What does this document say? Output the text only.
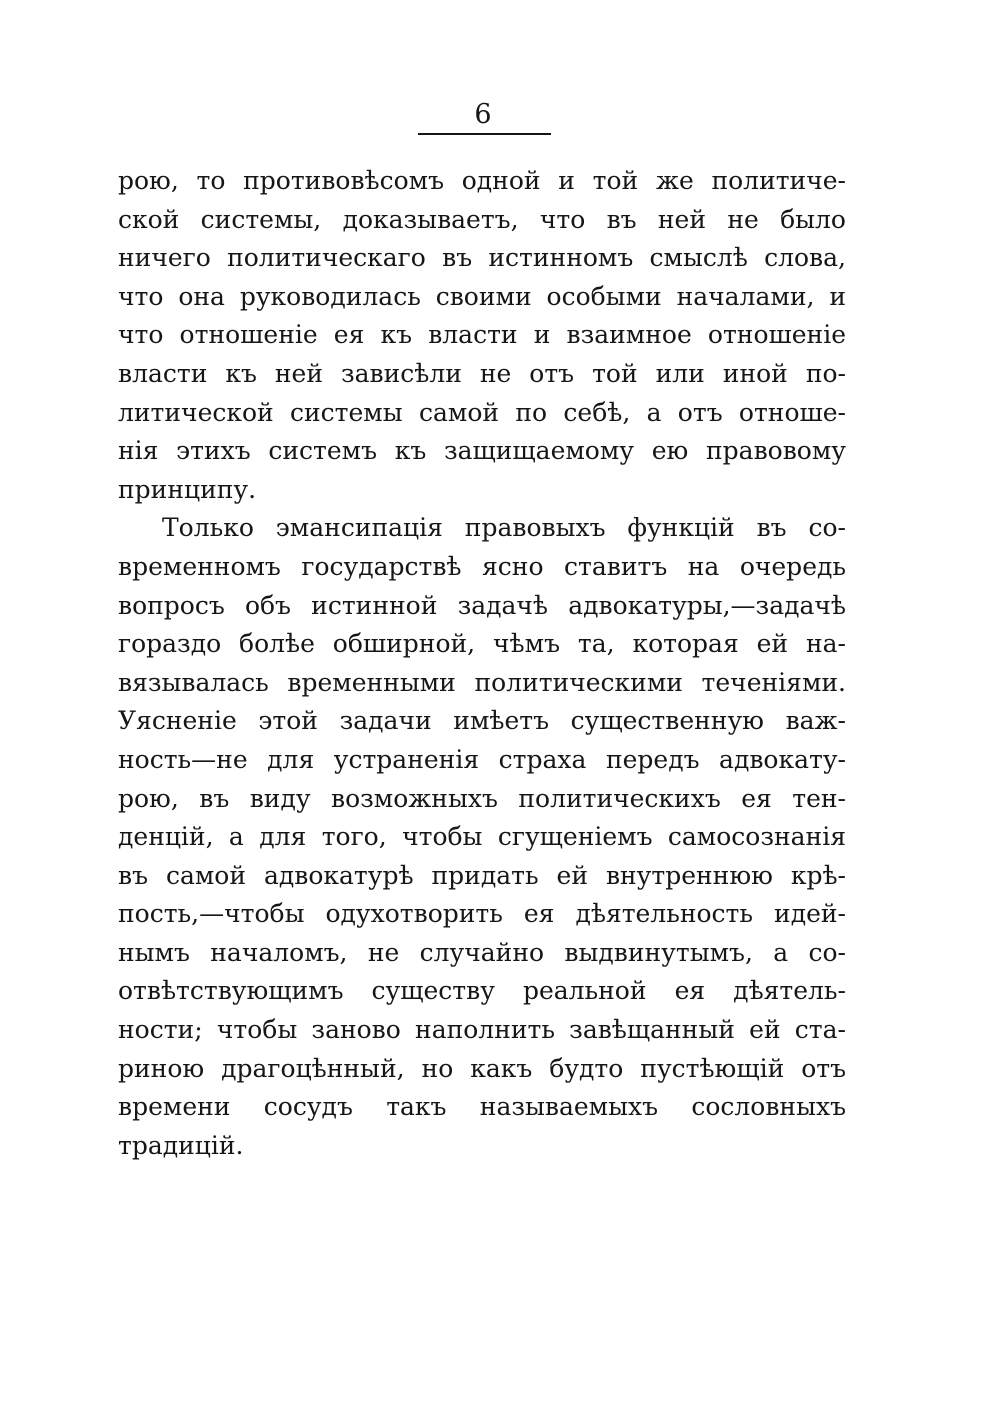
6
рою, то противовѣсомъ одной и той же политиче-
ской системы, доказываетъ, что въ ней не было
ничего политическаго въ истинномъ смыслѣ слова,
что она руководилась своими особыми началами, и
что отношеніе ея къ власти и взаимное отношеніе
власти къ ней зависѣли не отъ той или иной по-
литической системы самой по себѣ, а отъ отноше-
нія этихъ системъ къ защищаемому ею правовому
принципу.
Только эмансипація правовыхъ функцій въ со-
временномъ государствѣ ясно ставитъ на очередь
вопросъ объ истинной задачѣ адвокатуры,—задачѣ
гораздо болѣе обширной, чѣмъ та, которая ей на-
вязывалась временными политическими теченіями.
Уясненіе этой задачи имѣетъ существенную важ-
ность—не для устраненія страха передъ адвокату-
рою, въ виду возможныхъ политическихъ ея тен-
денцій, а для того, чтобы сгущеніемъ самосознанія
въ самой адвокатурѣ придать ей внутреннюю крѣ-
пость,—чтобы одухотворить ея дѣятельность идей-
нымъ началомъ, не случайно выдвинутымъ, а со-
отвѣтствующимъ существу реальной ея дѣятель-
ности; чтобы заново наполнить завѣщанный ей ста-
риною драгоцѣнный, но какъ будто пустѣющій отъ
времени сосудъ такъ называемыхъ сословныхъ
традицій.
